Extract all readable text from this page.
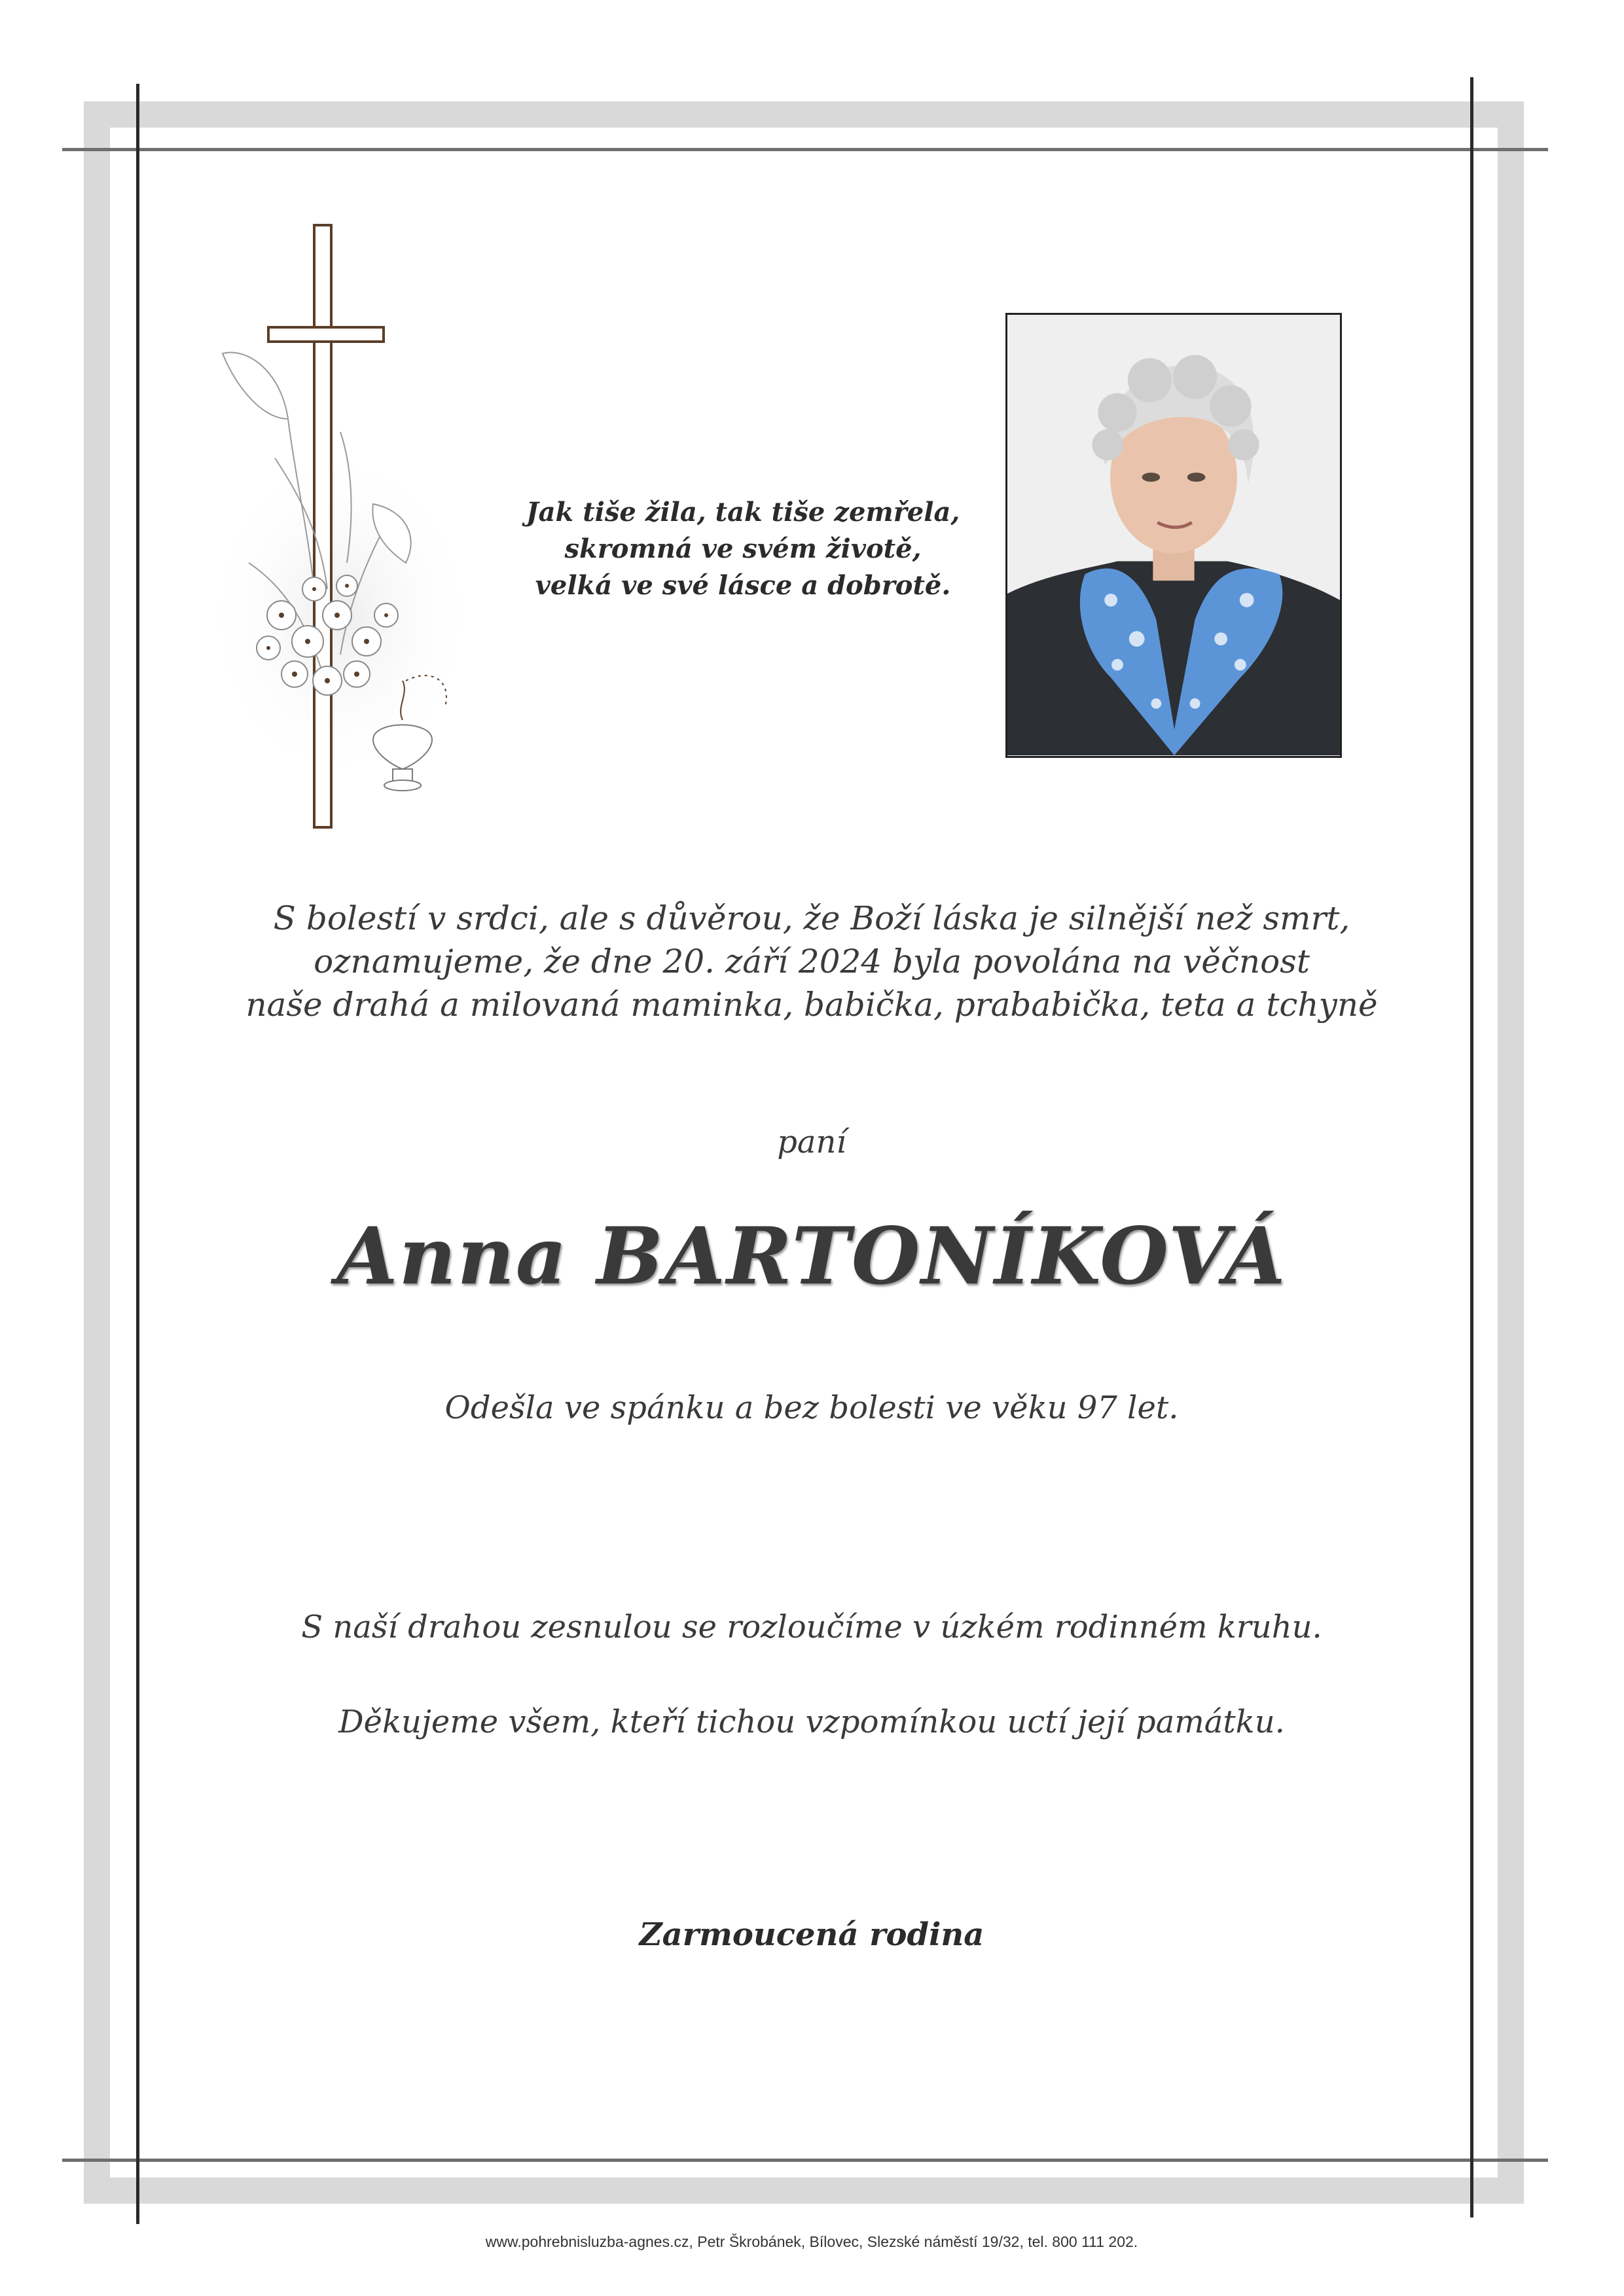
Jak tiše žila, tak tiše zemřela,
skromná ve svém životě,
velká ve své lásce a dobrotě.
S bolestí v srdci, ale s důvěrou, že Boží láska je silnější než smrt,
oznamujeme, že dne 20. září 2024 byla povolána na věčnost
naše drahá a milovaná maminka, babička, prababička, teta a tchyně
paní
Anna BARTONÍKOVÁ
Odešla ve spánku a bez bolesti ve věku 97 let.
S naší drahou zesnulou se rozloučíme v úzkém rodinném kruhu.
Děkujeme všem, kteří tichou vzpomínkou uctí její památku.
Zarmoucená rodina
www.pohrebnisluzba-agnes.cz, Petr Škrobánek, Bílovec, Slezské náměstí 19/32, tel. 800 111 202.
